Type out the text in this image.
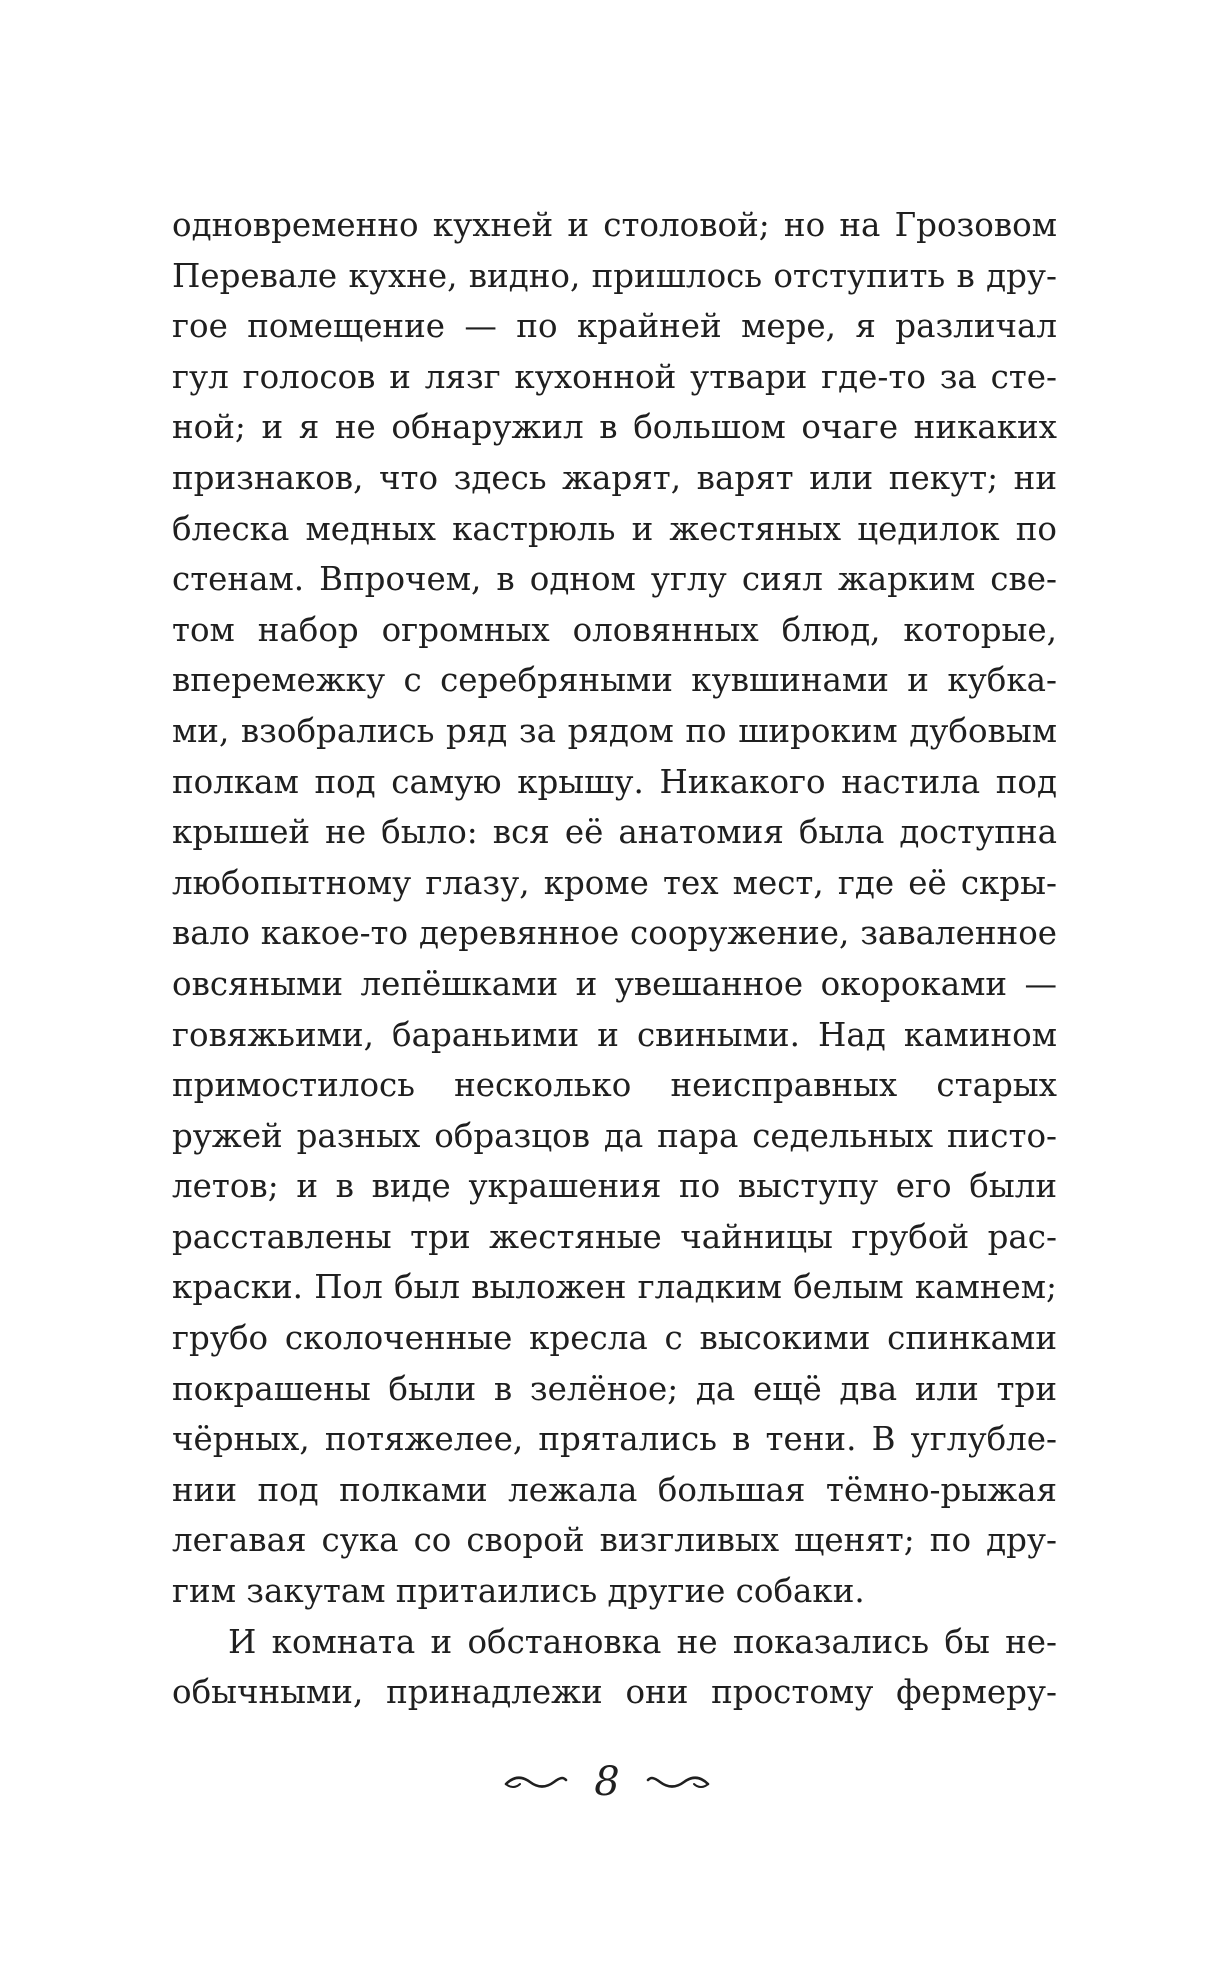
одновременно кухней и столовой; но на Грозовом
Перевале кухне, видно, пришлось отступить в дру-
гое помещение — по крайней мере, я различал
гул голосов и лязг кухонной утвари где-то за сте-
ной; и я не обнаружил в большом очаге никаких
признаков, что здесь жарят, варят или пекут; ни
блеска медных кастрюль и жестяных цедилок по
стенам. Впрочем, в одном углу сиял жарким све-
том набор огромных оловянных блюд, которые,
вперемежку с серебряными кувшинами и кубка-
ми, взобрались ряд за рядом по широким дубовым
полкам под самую крышу. Никакого настила под
крышей не было: вся её анатомия была доступна
любопытному глазу, кроме тех мест, где её скры-
вало какое-то деревянное сооружение, заваленное
овсяными лепёшками и увешанное окороками —
говяжьими, бараньими и свиными. Над камином
примостилось несколько неисправных старых
ружей разных образцов да пара седельных писто-
летов; и в виде украшения по выступу его были
расставлены три жестяные чайницы грубой рас-
краски. Пол был выложен гладким белым камнем;
грубо сколоченные кресла с высокими спинками
покрашены были в зелёное; да ещё два или три
чёрных, потяжелее, прятались в тени. В углубле-
нии под полками лежала большая тёмно-рыжая
легавая сука со сворой визгливых щенят; по дру-
гим закутам притаились другие собаки.
И комната и обстановка не показались бы не-
обычными, принадлежи они простому фермеру-
8
